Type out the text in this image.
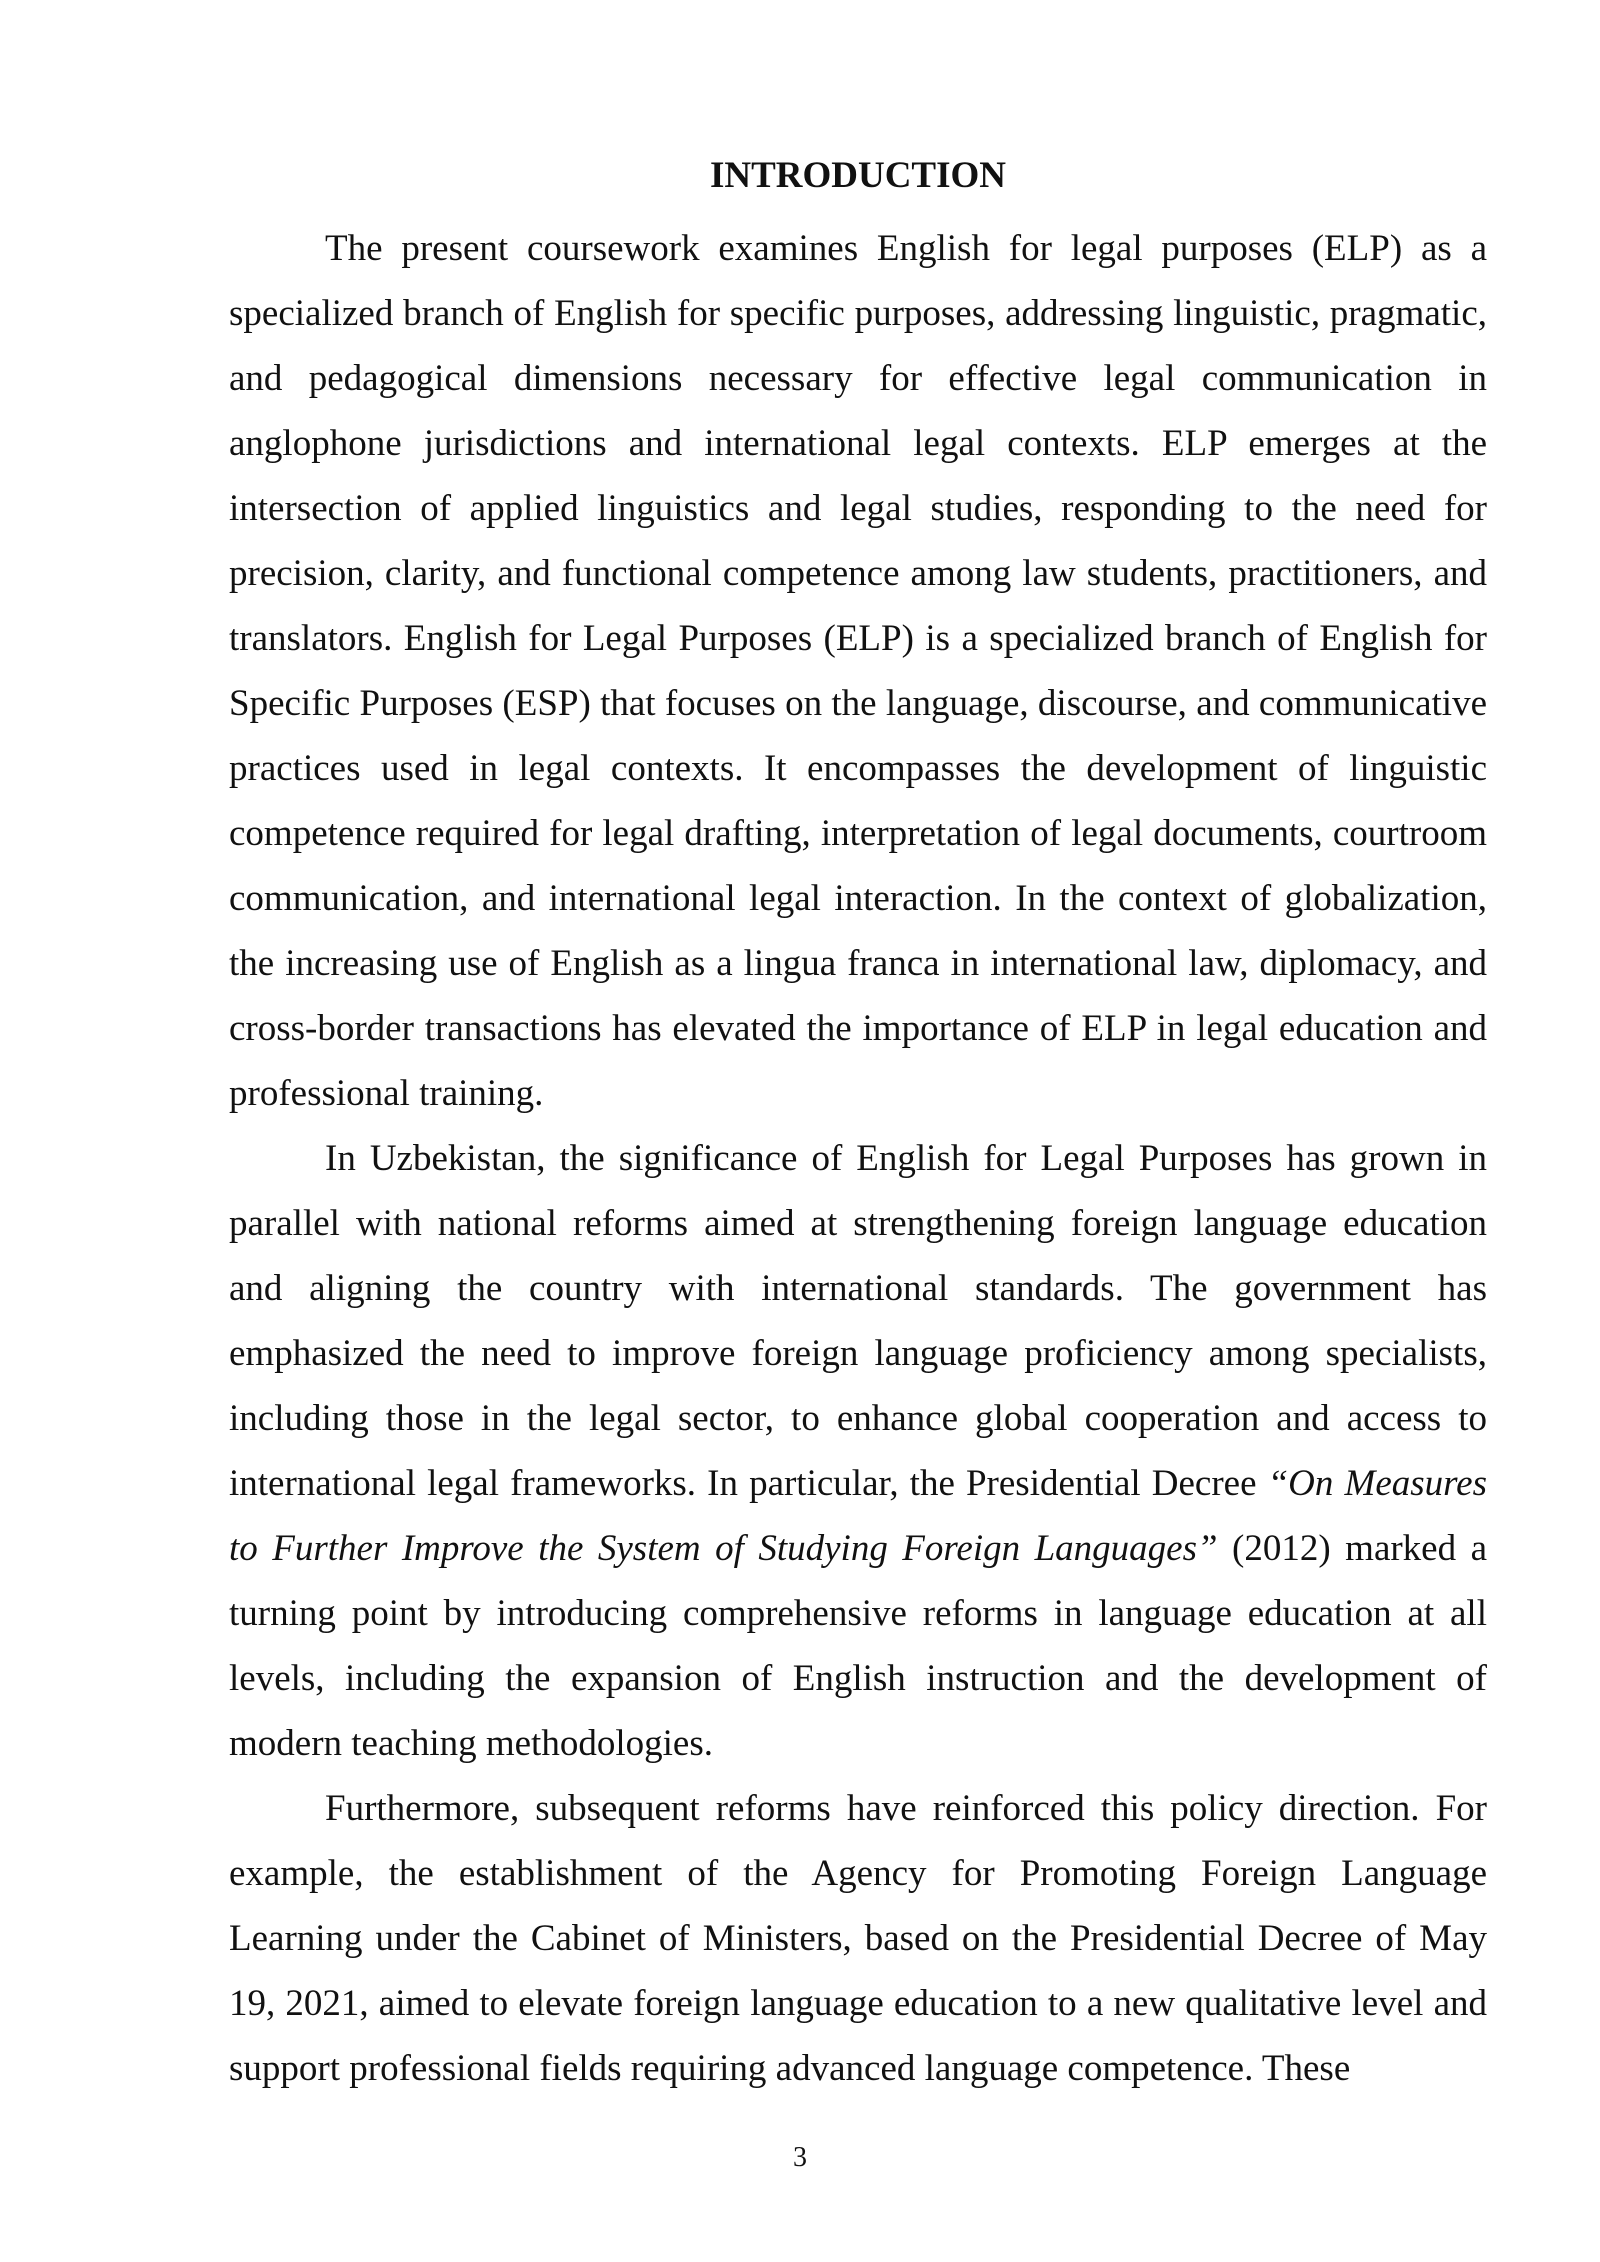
INTRODUCTION

The present coursework examines English for legal purposes (ELP) as a specialized branch of English for specific purposes, addressing linguistic, pragmatic, and pedagogical dimensions necessary for effective legal communication in anglophone jurisdictions and international legal contexts. ELP emerges at the intersection of applied linguistics and legal studies, responding to the need for precision, clarity, and functional competence among law students, practitioners, and translators. English for Legal Purposes (ELP) is a specialized branch of English for Specific Purposes (ESP) that focuses on the language, discourse, and communicative practices used in legal contexts. It encompasses the development of linguistic competence required for legal drafting, interpretation of legal documents, courtroom communication, and international legal interaction. In the context of globalization, the increasing use of English as a lingua franca in international law, diplomacy, and cross-border transactions has elevated the importance of ELP in legal education and professional training.

In Uzbekistan, the significance of English for Legal Purposes has grown in parallel with national reforms aimed at strengthening foreign language education and aligning the country with international standards. The government has emphasized the need to improve foreign language proficiency among specialists, including those in the legal sector, to enhance global cooperation and access to international legal frameworks. In particular, the Presidential Decree “On Measures to Further Improve the System of Studying Foreign Languages” (2012) marked a turning point by introducing comprehensive reforms in language education at all levels, including the expansion of English instruction and the development of modern teaching methodologies.

Furthermore, subsequent reforms have reinforced this policy direction. For example, the establishment of the Agency for Promoting Foreign Language Learning under the Cabinet of Ministers, based on the Presidential Decree of May 19, 2021, aimed to elevate foreign language education to a new qualitative level and support professional fields requiring advanced language competence. These

3
